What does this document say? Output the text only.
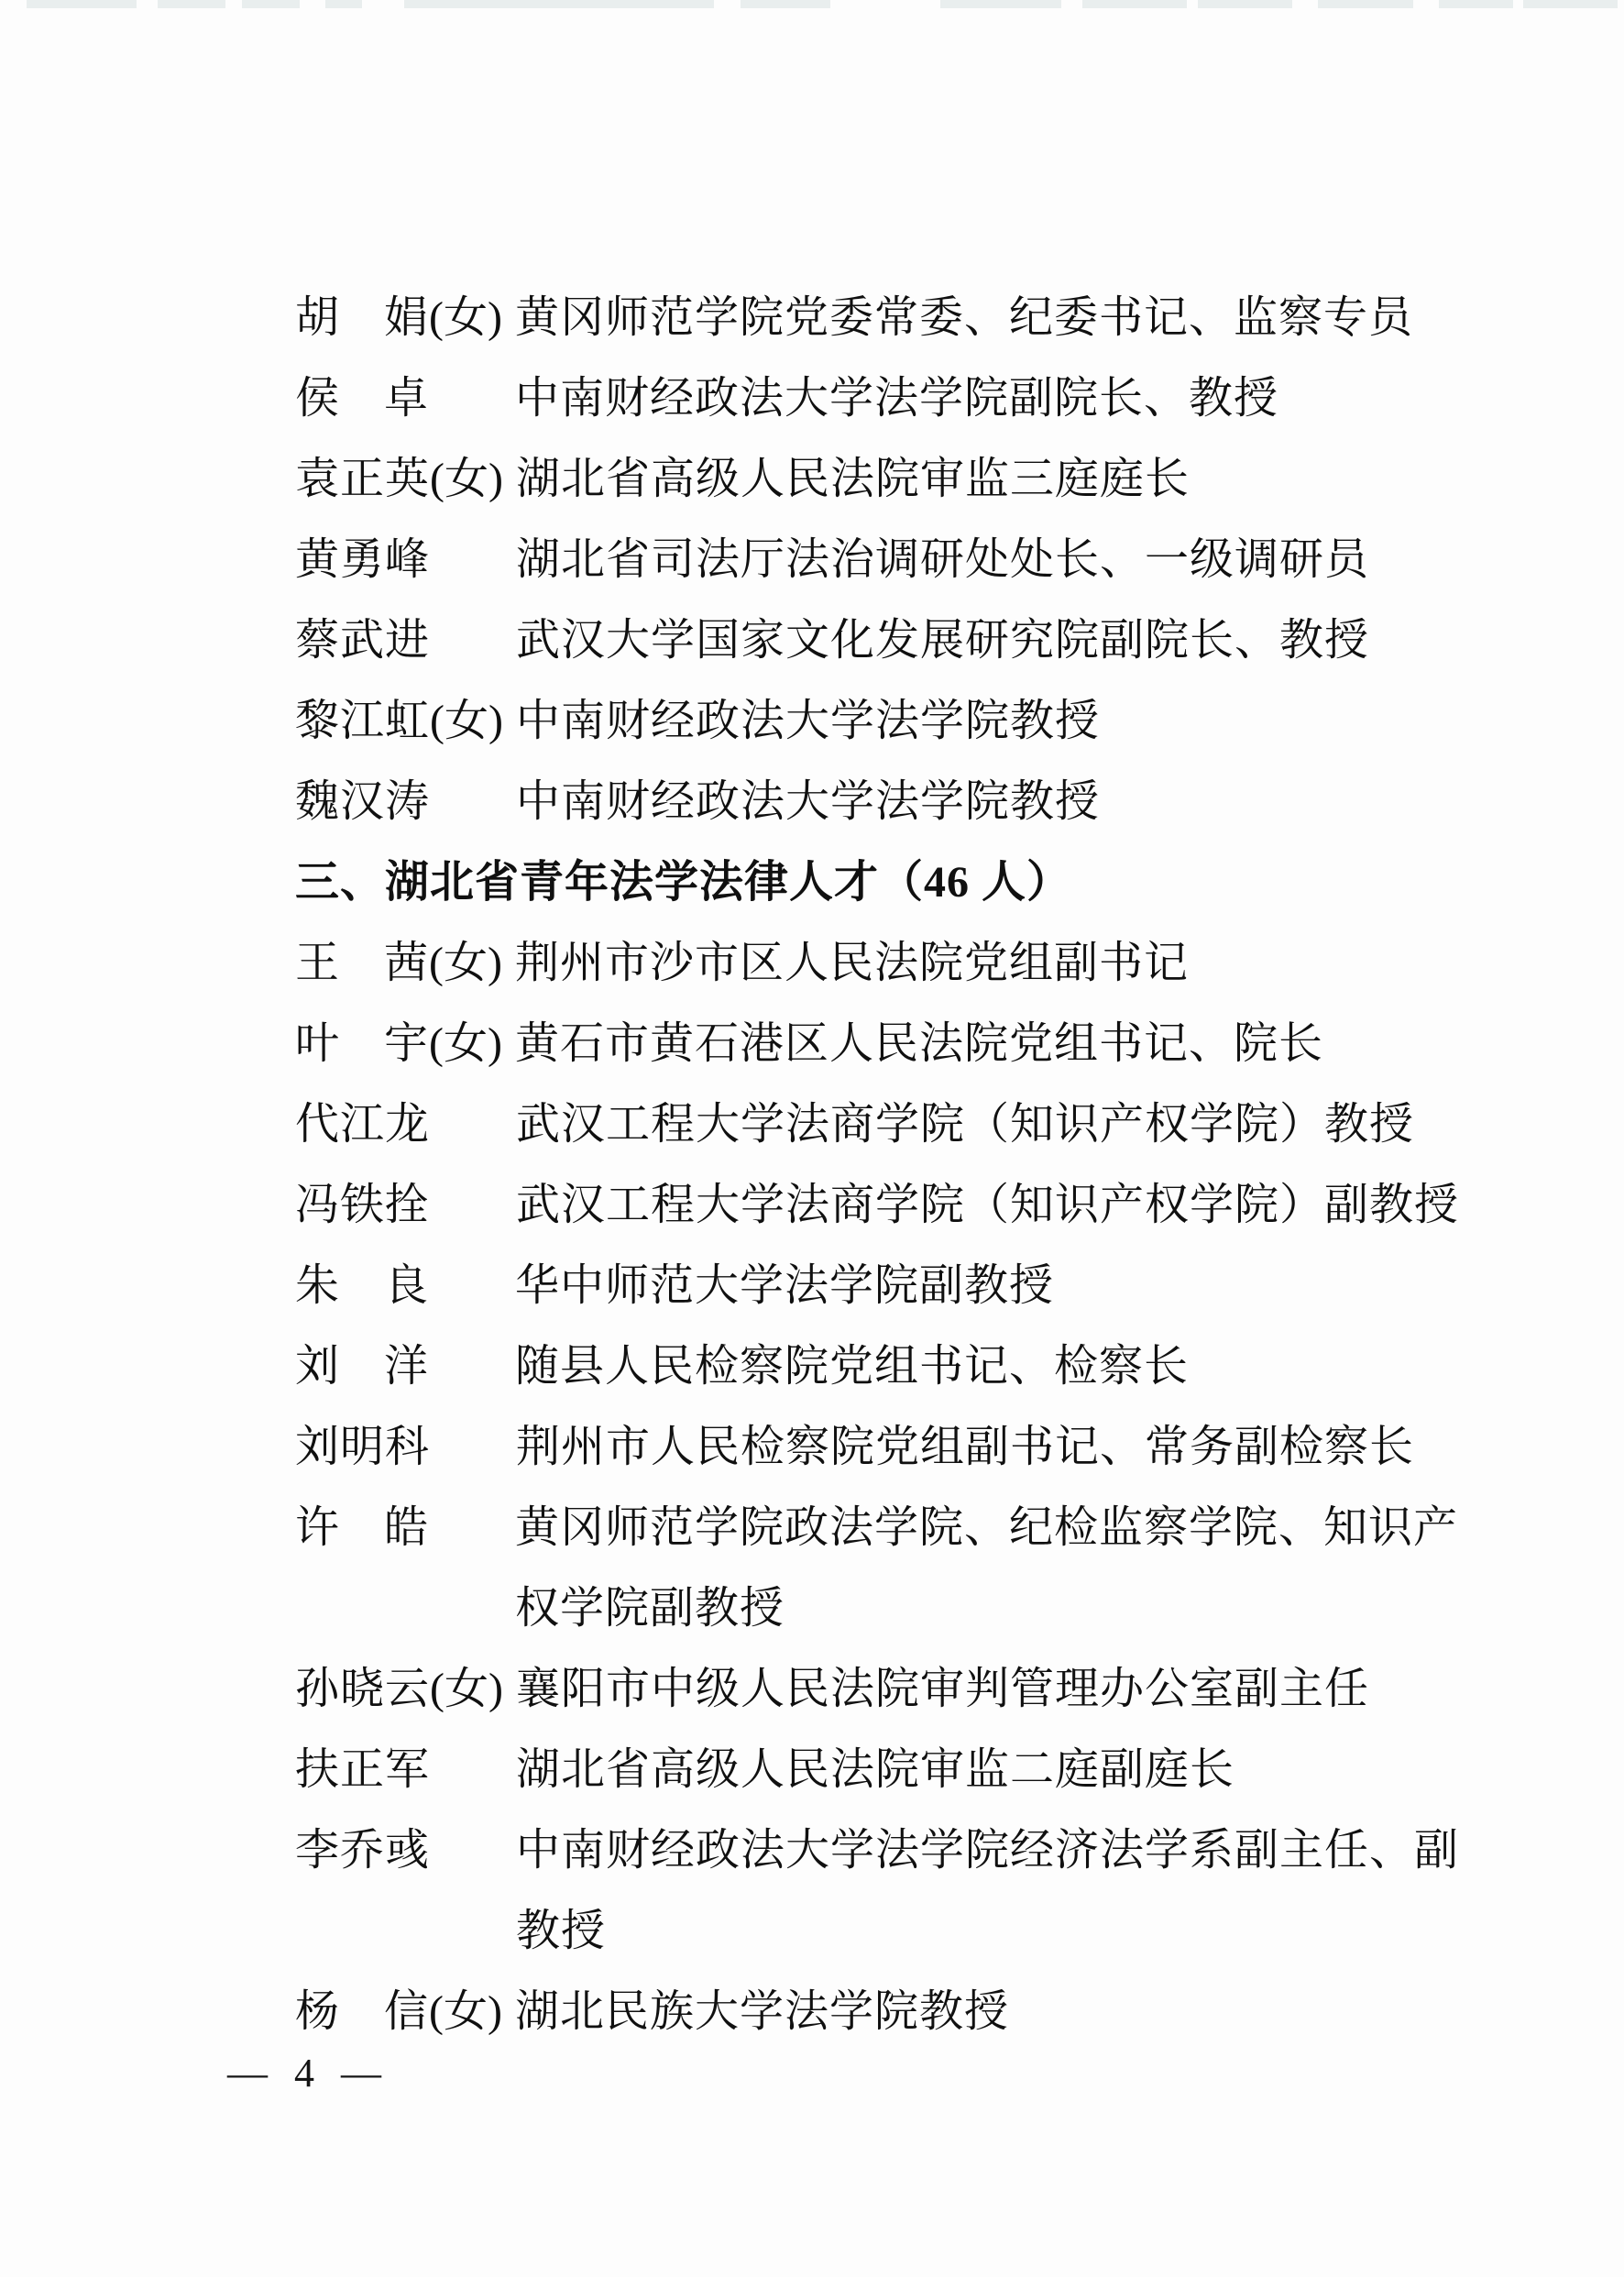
胡 娟 (女) 黄冈师范学院党委常委、纪委书记、监察专员
侯 卓 中南财经政法大学法学院副院长、教授
袁 正 英 (女) 湖北省高级人民法院审监三庭庭长
黄 勇 峰 湖北省司法厅法治调研处处长、一级调研员
蔡 武 进 武汉大学国家文化发展研究院副院长、教授
黎 江 虹 (女) 中南财经政法大学法学院教授
魏 汉 涛 中南财经政法大学法学院教授
三、湖北省青年法学法律人才（46 人）
王 茜 (女) 荆州市沙市区人民法院党组副书记
叶 宇 (女) 黄石市黄石港区人民法院党组书记、院长
代 江 龙 武汉工程大学法商学院（知识产权学院）教授
冯 铁 拴 武汉工程大学法商学院（知识产权学院）副教授
朱 良 华中师范大学法学院副教授
刘 洋 随县人民检察院党组书记、检察长
刘 明 科 荆州市人民检察院党组副书记、常务副检察长
许 皓 黄冈师范学院政法学院、纪检监察学院、知识产
权学院副教授
孙 晓 云 (女) 襄阳市中级人民法院审判管理办公室副主任
扶 正 军 湖北省高级人民法院审监二庭副庭长
李 乔 彧 中南财经政法大学法学院经济法学系副主任、副
教授
杨 信 (女) 湖北民族大学法学院教授
— 4 —
